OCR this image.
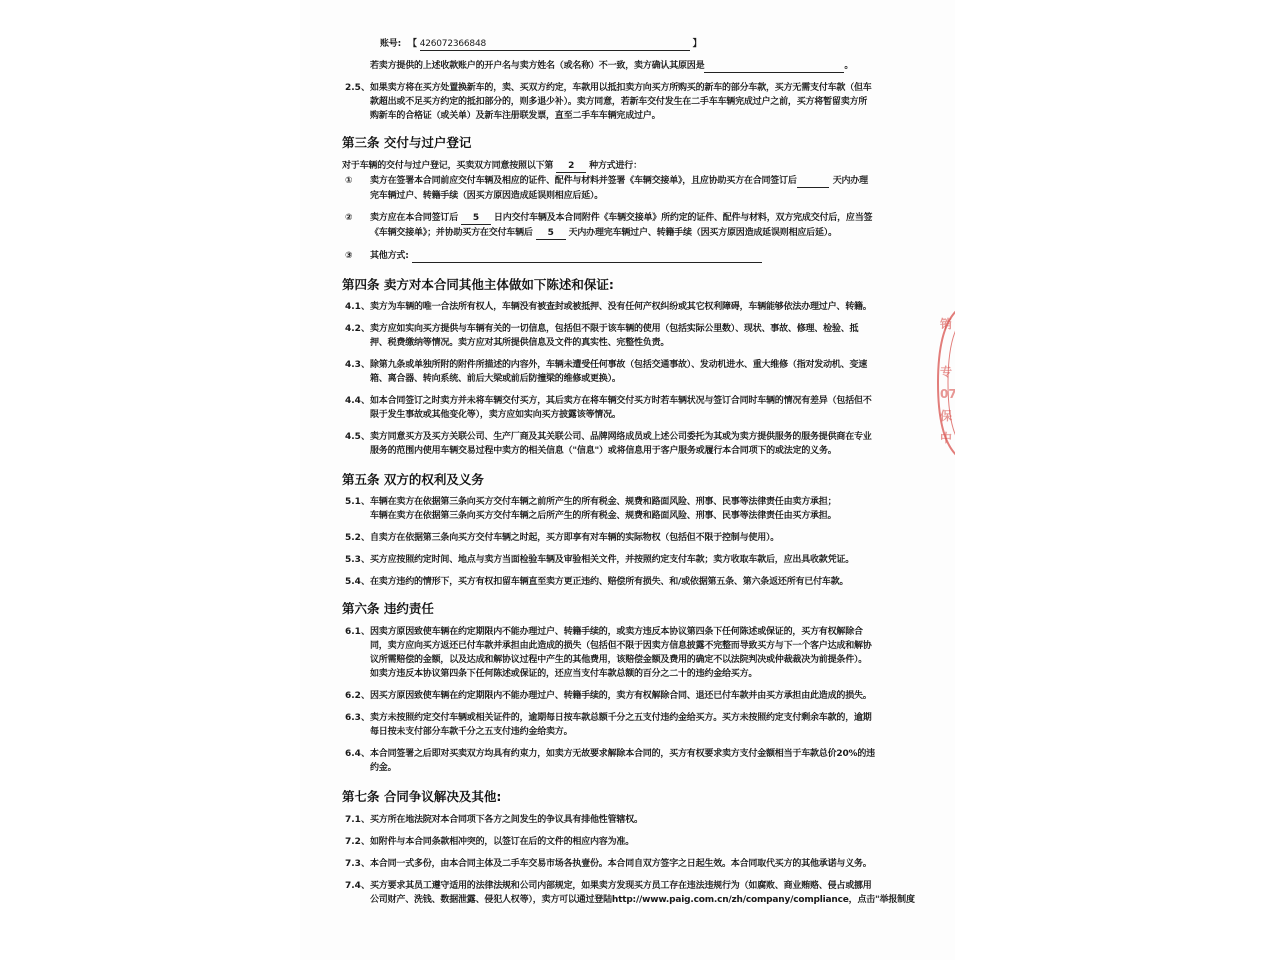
账号: 【 426072366848	】
若卖方提供的上述收款账户的开户名与卖方姓名（或名称）不一致，卖方确认其原因是	。
2.5、 如果卖方将在买方处置换新车的，卖、买双方约定，车款用以抵扣卖方向买方所购买的新车的部分车款，买方无需支付车款（但车
款超出或不足买方约定的抵扣部分的，则多退少补）。卖方同意，若新车交付发生在二手车车辆完成过户之前，买方将暂留卖方所
购新车的合格证（或关单）及新车注册联发票，直至二手车车辆完成过户。
第三条 交付与过户登记
对于车辆的交付与过户登记，买卖双方同意按照以下第 2 种方式进行：
① 卖方在签署本合同前应交付车辆及相应的证件、配件与材料并签署《车辆交接单》，且应协助买方在合同签订后	天内办理
完车辆过户、转籍手续（因买方原因造成延误则相应后延）。
② 卖方应在本合同签订后 5 日内交付车辆及本合同附件《车辆交接单》所约定的证件、配件与材料，双方完成交付后，应当签
《车辆交接单》；并协助买方在交付车辆后 5 天内办理完车辆过户、转籍手续（因买方原因造成延误则相应后延）。
③ 其他方式:
第四条 卖方对本合同其他主体做如下陈述和保证:
4.1、 卖方为车辆的唯一合法所有权人，车辆没有被查封或被抵押、没有任何产权纠纷或其它权利障碍，车辆能够依法办理过户、转籍。
4.2、 卖方应如实向买方提供与车辆有关的一切信息，包括但不限于该车辆的使用（包括实际公里数）、现状、事故、修理、检验、抵
押、税费缴纳等情况。卖方应对其所提供信息及文件的真实性、完整性负责。
4.3、 除第九条或单独所附的附件所描述的内容外，车辆未遭受任何事故（包括交通事故）、发动机进水、重大维修（指对发动机、变速
箱、离合器、转向系统、前后大梁或前后防撞梁的维修或更换）。
4.4、 如本合同签订之时卖方并未将车辆交付买方，其后卖方在将车辆交付买方时若车辆状况与签订合同时车辆的情况有差异（包括但不
限于发生事故或其他变化等），卖方应如实向买方披露该等情况。
4.5、 卖方同意买方及买方关联公司、生产厂商及其关联公司、品牌网络成员或上述公司委托为其或为卖方提供服务的服务提供商在专业
服务的范围内使用车辆交易过程中卖方的相关信息（"信息"）或将信息用于客户服务或履行本合同项下的或法定的义务。
第五条 双方的权利及义务
5.1、 车辆在卖方在依据第三条向买方交付车辆之前所产生的所有税金、规费和路面风险、刑事、民事等法律责任由卖方承担；
车辆在卖方在依据第三条向买方交付车辆之后所产生的所有税金、规费和路面风险、刑事、民事等法律责任由买方承担。
5.2、 自卖方在依据第三条向买方交付车辆之时起，买方即享有对车辆的实际物权（包括但不限于控制与使用）。
5.3、 买方应按照约定时间、地点与卖方当面检验车辆及审验相关文件，并按照约定支付车款；卖方收取车款后，应出具收款凭证。
5.4、 在卖方违约的情形下，买方有权扣留车辆直至卖方更正违约、赔偿所有损失、和/或依据第五条、第六条返还所有已付车款。
第六条 违约责任
6.1、 因卖方原因致使车辆在约定期限内不能办理过户、转籍手续的，或卖方违反本协议第四条下任何陈述或保证的，买方有权解除合
同，卖方应向买方返还已付车款并承担由此造成的损失（包括但不限于因卖方信息披露不完整而导致买方与下一个客户达成和解协
议所需赔偿的金额，以及达成和解协议过程中产生的其他费用，该赔偿金额及费用的确定不以法院判决或仲裁裁决为前提条件）。
如卖方违反本协议第四条下任何陈述或保证的，还应当支付车款总额的百分之二十的违约金给买方。
6.2、 因买方原因致使车辆在约定期限内不能办理过户、转籍手续的，卖方有权解除合同、退还已付车款并由买方承担由此造成的损失。
6.3、 卖方未按照约定交付车辆或相关证件的，逾期每日按车款总额千分之五支付违约金给买方。买方未按照约定支付剩余车款的，逾期
每日按未支付部分车款千分之五支付违约金给卖方。
6.4、 本合同签署之后即对买卖双方均具有约束力，如卖方无故要求解除本合同的，买方有权要求卖方支付金额相当于车款总价20%的违
约金。
第七条 合同争议解决及其他:
7.1、 买方所在地法院对本合同项下各方之间发生的争议具有排他性管辖权。
7.2、 如附件与本合同条款相冲突的，以签订在后的文件的相应内容为准。
7.3、 本合同一式多份，由本合同主体及二手车交易市场各执壹份。本合同自双方签字之日起生效。本合同取代买方的其他承诺与义务。
7.4、 买方要求其员工遵守适用的法律法规和公司内部规定，如果卖方发现买方员工存在违法违规行为（如腐败、商业贿赂、侵占或挪用
公司财产、洗钱、数据泄露、侵犯人权等），卖方可以通过登陆http://www.paig.com.cn/zh/company/compliance，点击"举报制度
销 售
专
07
保
中
